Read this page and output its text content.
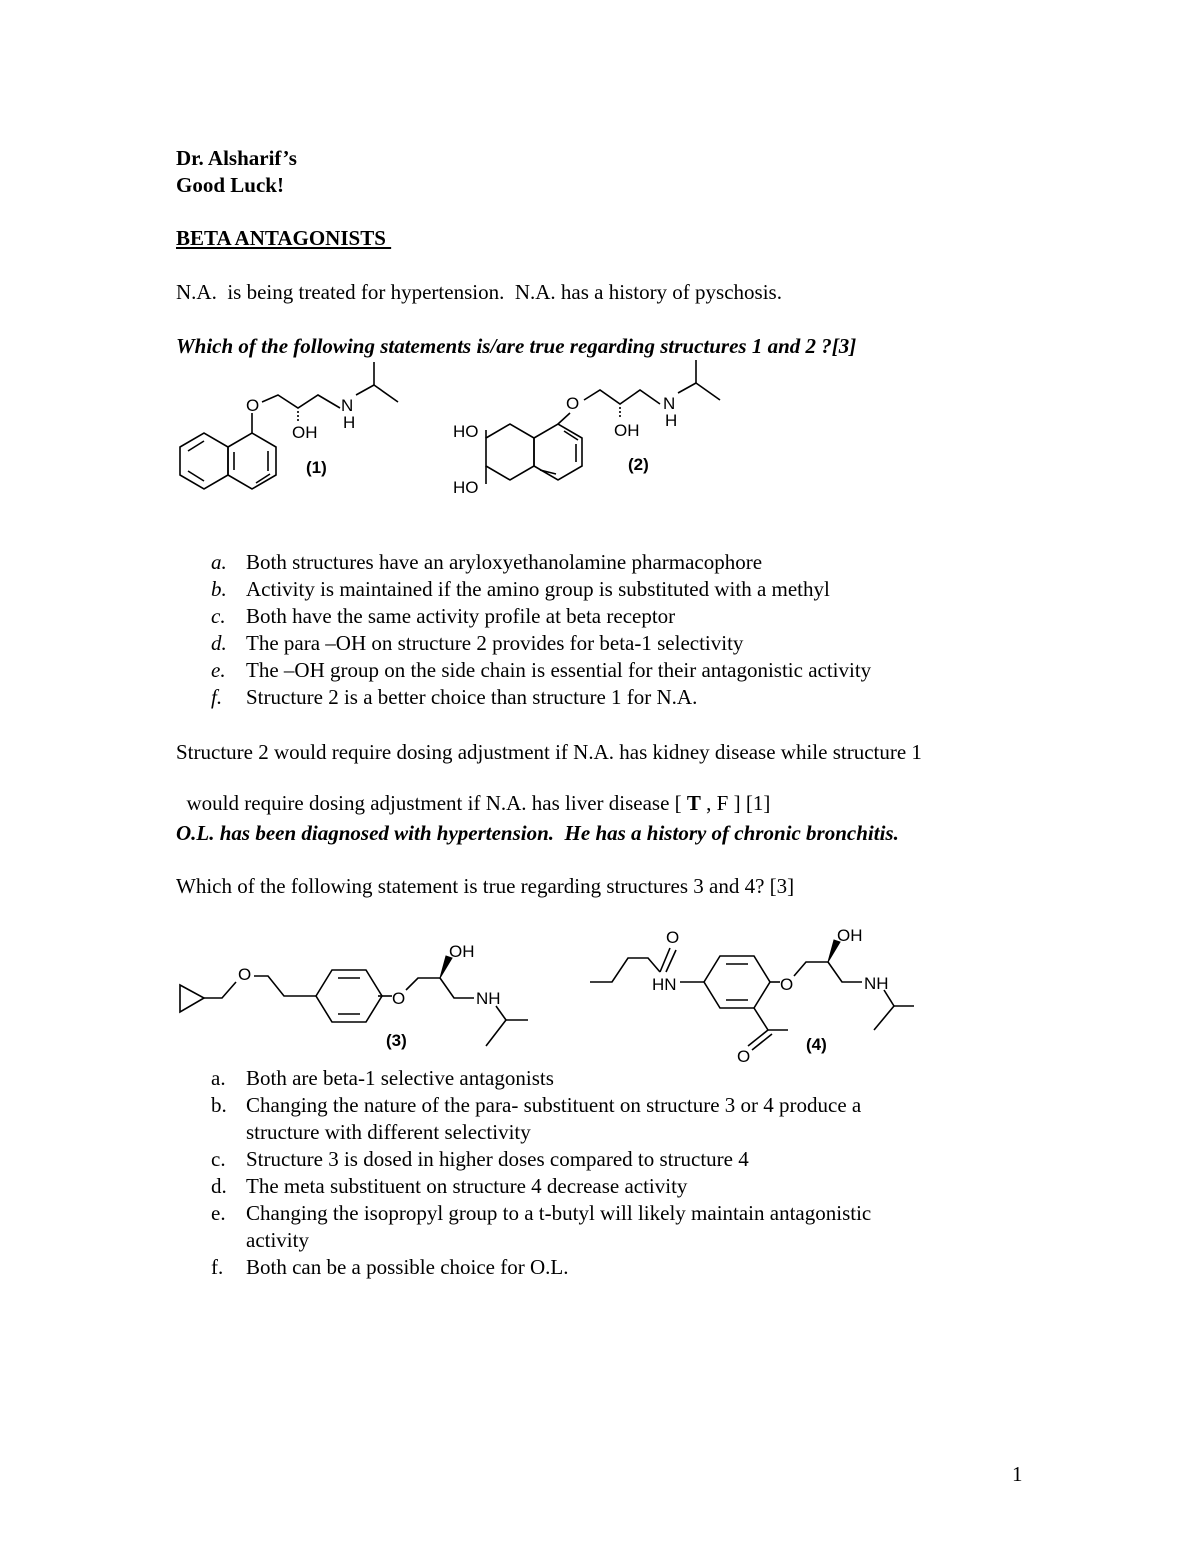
Dr. Alsharif’s
Good Luck!
BETA ANTAGONISTS
N.A.  is being treated for hypertension.  N.A. has a history of pyschosis.
Which of the following statements is/are true regarding structures 1 and 2 ?[3]
O	N
H
OH
(1)
O	N
H
OH
HO
HO
(2)
a. Both structures have an aryloxyethanolamine pharmacophore
b. Activity is maintained if the amino group is substituted with a methyl
c. Both have the same activity profile at beta receptor
d. The para –OH on structure 2 provides for beta-1 selectivity
e. The –OH group on the side chain is essential for their antagonistic activity
f. Structure 2 is a better choice than structure 1 for N.A.
Structure 2 would require dosing adjustment if N.A. has kidney disease while structure 1

would require dosing adjustment if N.A. has liver disease [ T , F ] [1]

O.L. has been diagnosed with hypertension.  He has a history of chronic bronchitis.
Which of the following statement is true regarding structures 3 and 4? [3]
O
O
OH
NH
(3)
O
HN	O
OH
NH
O
(4)
a. Both are beta-1 selective antagonists
b. Changing the nature of the para- substituent on structure 3 or 4 produce a
structure with different selectivity
c. Structure 3 is dosed in higher doses compared to structure 4
d. The meta substituent on structure 4 decrease activity
e. Changing the isopropyl group to a t-butyl will likely maintain antagonistic
activity
f. Both can be a possible choice for O.L.
1
